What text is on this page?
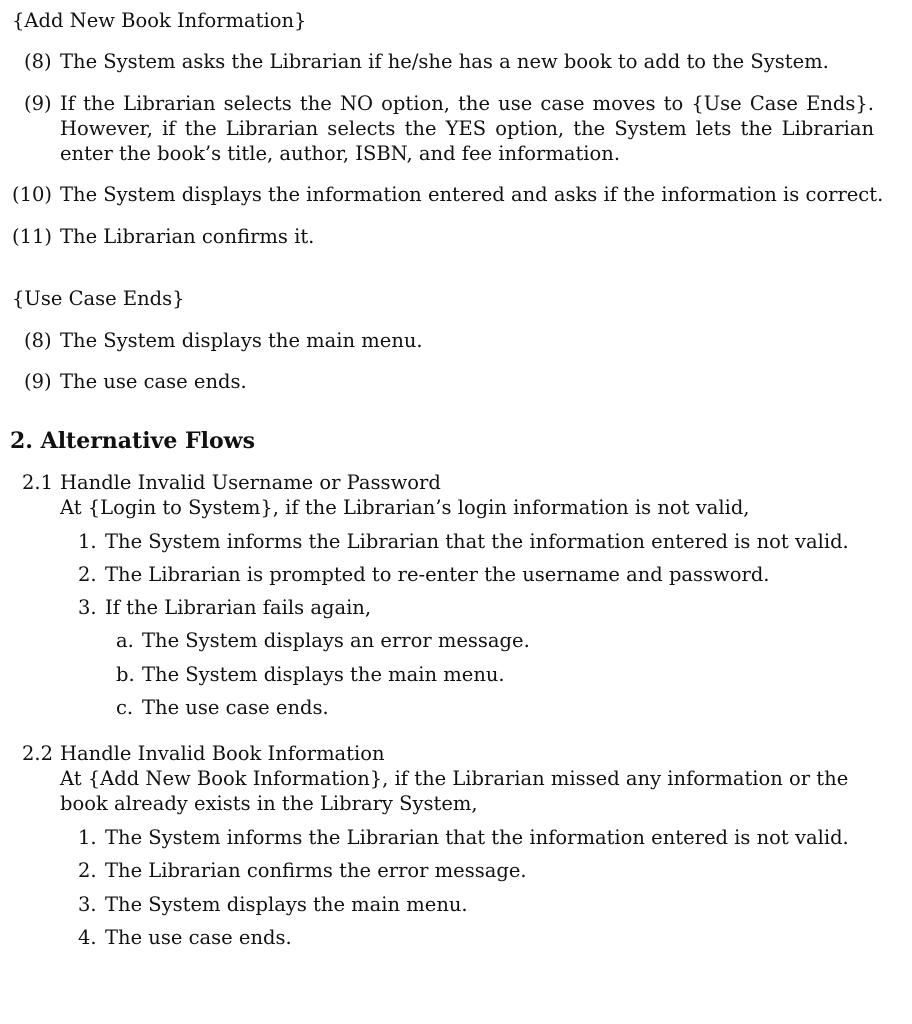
{Add New Book Information}
(8) The System asks the Librarian if he/she has a new book to add to the System.
(9) If the Librarian selects the NO option, the use case moves to {Use Case Ends}. However, if the Librarian selects the YES option, the System lets the Librarian enter the book’s title, author, ISBN, and fee information.
(10) The System displays the information entered and asks if the information is correct.
(11) The Librarian confirms it.
{Use Case Ends}
(8) The System displays the main menu.
(9) The use case ends.
2. Alternative Flows
2.1 Handle Invalid Username or Password
At {Login to System}, if the Librarian’s login information is not valid,
1. The System informs the Librarian that the information entered is not valid.
2. The Librarian is prompted to re-enter the username and password.
3. If the Librarian fails again,
a. The System displays an error message.
b. The System displays the main menu.
c. The use case ends.
2.2 Handle Invalid Book Information
At {Add New Book Information}, if the Librarian missed any information or the book already exists in the Library System,
1. The System informs the Librarian that the information entered is not valid.
2. The Librarian confirms the error message.
3. The System displays the main menu.
4. The use case ends.
